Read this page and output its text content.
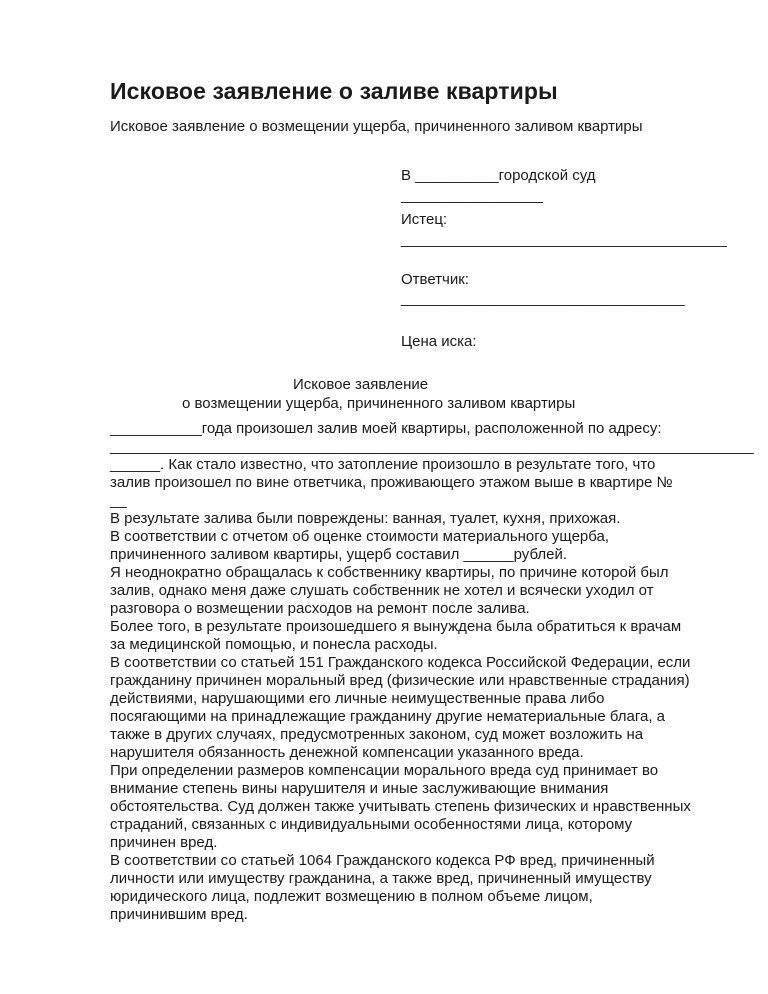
Исковое заявление о заливе квартиры
Исковое заявление о возмещении ущерба, причиненного заливом квартиры
В __________городской суд
_________________
Истец:
________________________________________
Ответчик:
__________________________________
Цена иска:
Исковое заявление
о возмещении ущерба, причиненного заливом квартиры
___________года произошел залив моей квартиры, расположенной по адресу:
________________________________________________________________________________
______. Как стало известно, что затопление произошло в результате того, что
залив произошел по вине ответчика, проживающего этажом выше в квартире №
__
В результате залива были повреждены: ванная, туалет, кухня, прихожая.
В соответствии с отчетом об оценке стоимости материального ущерба,
причиненного заливом квартиры, ущерб составил ______рублей.
Я неоднократно обращалась к собственнику квартиры, по причине которой был
залив, однако меня даже слушать собственник не хотел и всячески уходил от
разговора о возмещении расходов на ремонт после залива.
Более того, в результате произошедшего я вынуждена была обратиться к врачам
за медицинской помощью, и понесла расходы.
В соответствии со статьей 151 Гражданского кодекса Российской Федерации, если
гражданину причинен моральный вред (физические или нравственные страдания)
действиями, нарушающими его личные неимущественные права либо
посягающими на принадлежащие гражданину другие нематериальные блага, а
также в других случаях, предусмотренных законом, суд может возложить на
нарушителя обязанность денежной компенсации указанного вреда.
При определении размеров компенсации морального вреда суд принимает во
внимание степень вины нарушителя и иные заслуживающие внимания
обстоятельства. Суд должен также учитывать степень физических и нравственных
страданий, связанных с индивидуальными особенностями лица, которому
причинен вред.
В соответствии со статьей 1064 Гражданского кодекса РФ вред, причиненный
личности или имуществу гражданина, а также вред, причиненный имуществу
юридического лица, подлежит возмещению в полном объеме лицом,
причинившим вред.
